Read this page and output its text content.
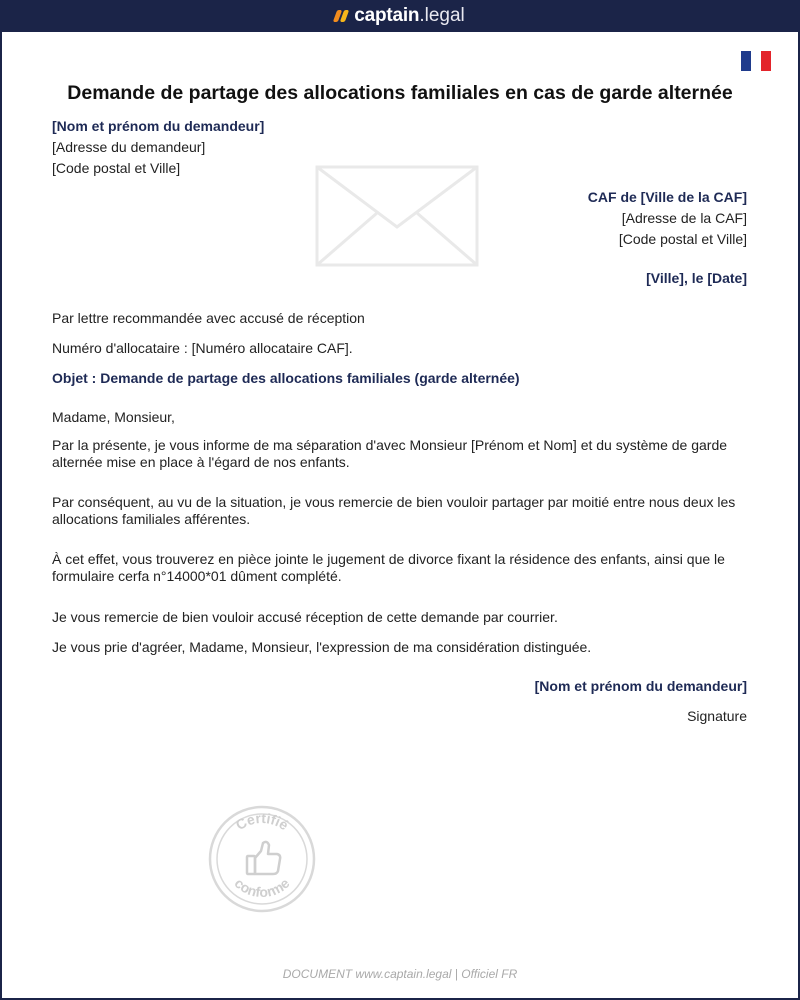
captain .legal
Demande de partage des allocations familiales en cas de garde alternée
[Nom et prénom du demandeur]
[Adresse du demandeur]
[Code postal et Ville]
CAF de [Ville de la CAF]
[Adresse de la CAF]
[Code postal et Ville]
[Ville], le [Date]
Par lettre recommandée avec accusé de réception
Numéro d'allocataire : [Numéro allocataire CAF].
Objet : Demande de partage des allocations familiales (garde alternée)
Madame, Monsieur,

Par la présente, je vous informe de ma séparation d'avec Monsieur [Prénom et Nom] et du système de garde alternée mise en place à l'égard de nos enfants.

Par conséquent, au vu de la situation, je vous remercie de bien vouloir partager par moitié entre nous deux les allocations familiales afférentes.

À cet effet, vous trouverez en pièce jointe le jugement de divorce fixant la résidence des enfants, ainsi que le formulaire cerfa n°14000*01 dûment complété.

Je vous remercie de bien vouloir accusé réception de cette demande par courrier.
Je vous prie d'agréer, Madame, Monsieur, l'expression de ma considération distinguée.
[Nom et prénom du demandeur]
Signature
Certifié
conforme
DOCUMENT www.captain.legal | Officiel FR
